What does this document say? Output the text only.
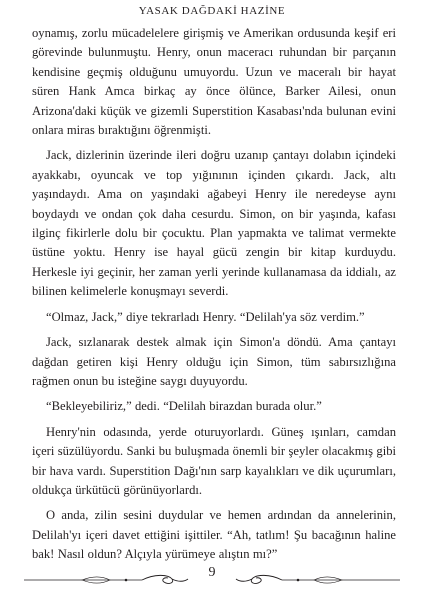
YASAK DAĞDAKİ HAZİNE

oynamış, zorlu mücadelelere girişmiş ve Amerikan ordusunda keşif eri görevinde bulunmuştu. Henry, onun maceracı ruhundan bir parçanın kendisine geçmiş olduğunu umuyordu. Uzun ve maceralı bir hayat süren Hank Amca birkaç ay önce ölünce, Barker Ailesi, onun Arizona'daki küçük ve gizemli Superstition Kasabası'nda bulunan evini onlara miras bıraktığını öğrenmişti.

Jack, dizlerinin üzerinde ileri doğru uzanıp çantayı dolabın içindeki ayakkabı, oyuncak ve top yığınının içinden çıkardı. Jack, altı yaşındaydı. Ama on yaşındaki ağabeyi Henry ile neredeyse aynı boydaydı ve ondan çok daha cesurdu. Simon, on bir yaşında, kafası ilginç fikirlerle dolu bir çocuktu. Plan yapmakta ve talimat vermekte üstüne yoktu. Henry ise hayal gücü zengin bir kitap kurduydu. Herkesle iyi geçinir, her zaman yerli yerinde kullanamasa da iddialı, az bilinen kelimelerle konuşmayı severdi.

“Olmaz, Jack,” diye tekrarladı Henry. “Delilah'ya söz verdim.”

Jack, sızlanarak destek almak için Simon'a döndü. Ama çantayı dağdan getiren kişi Henry olduğu için Simon, tüm sabırsızlığına rağmen onun bu isteğine saygı duyuyordu.

“Bekleyebiliriz,” dedi. “Delilah birazdan burada olur.”

Henry'nin odasında, yerde oturuyorlardı. Güneş ışınları, camdan içeri süzülüyordu. Sanki bu buluşmada önemli bir şeyler olacakmış gibi bir hava vardı. Superstition Dağı'nın sarp kayalıkları ve dik uçurumları, oldukça ürkütücü görünüyorlardı.

O anda, zilin sesini duydular ve hemen ardından da annelerinin, Delilah'yı içeri davet ettiğini işittiler. “Ah, tatlım! Şu bacağının haline bak! Nasıl oldun? Alçıyla yürümeye alıştın mı?”

9
